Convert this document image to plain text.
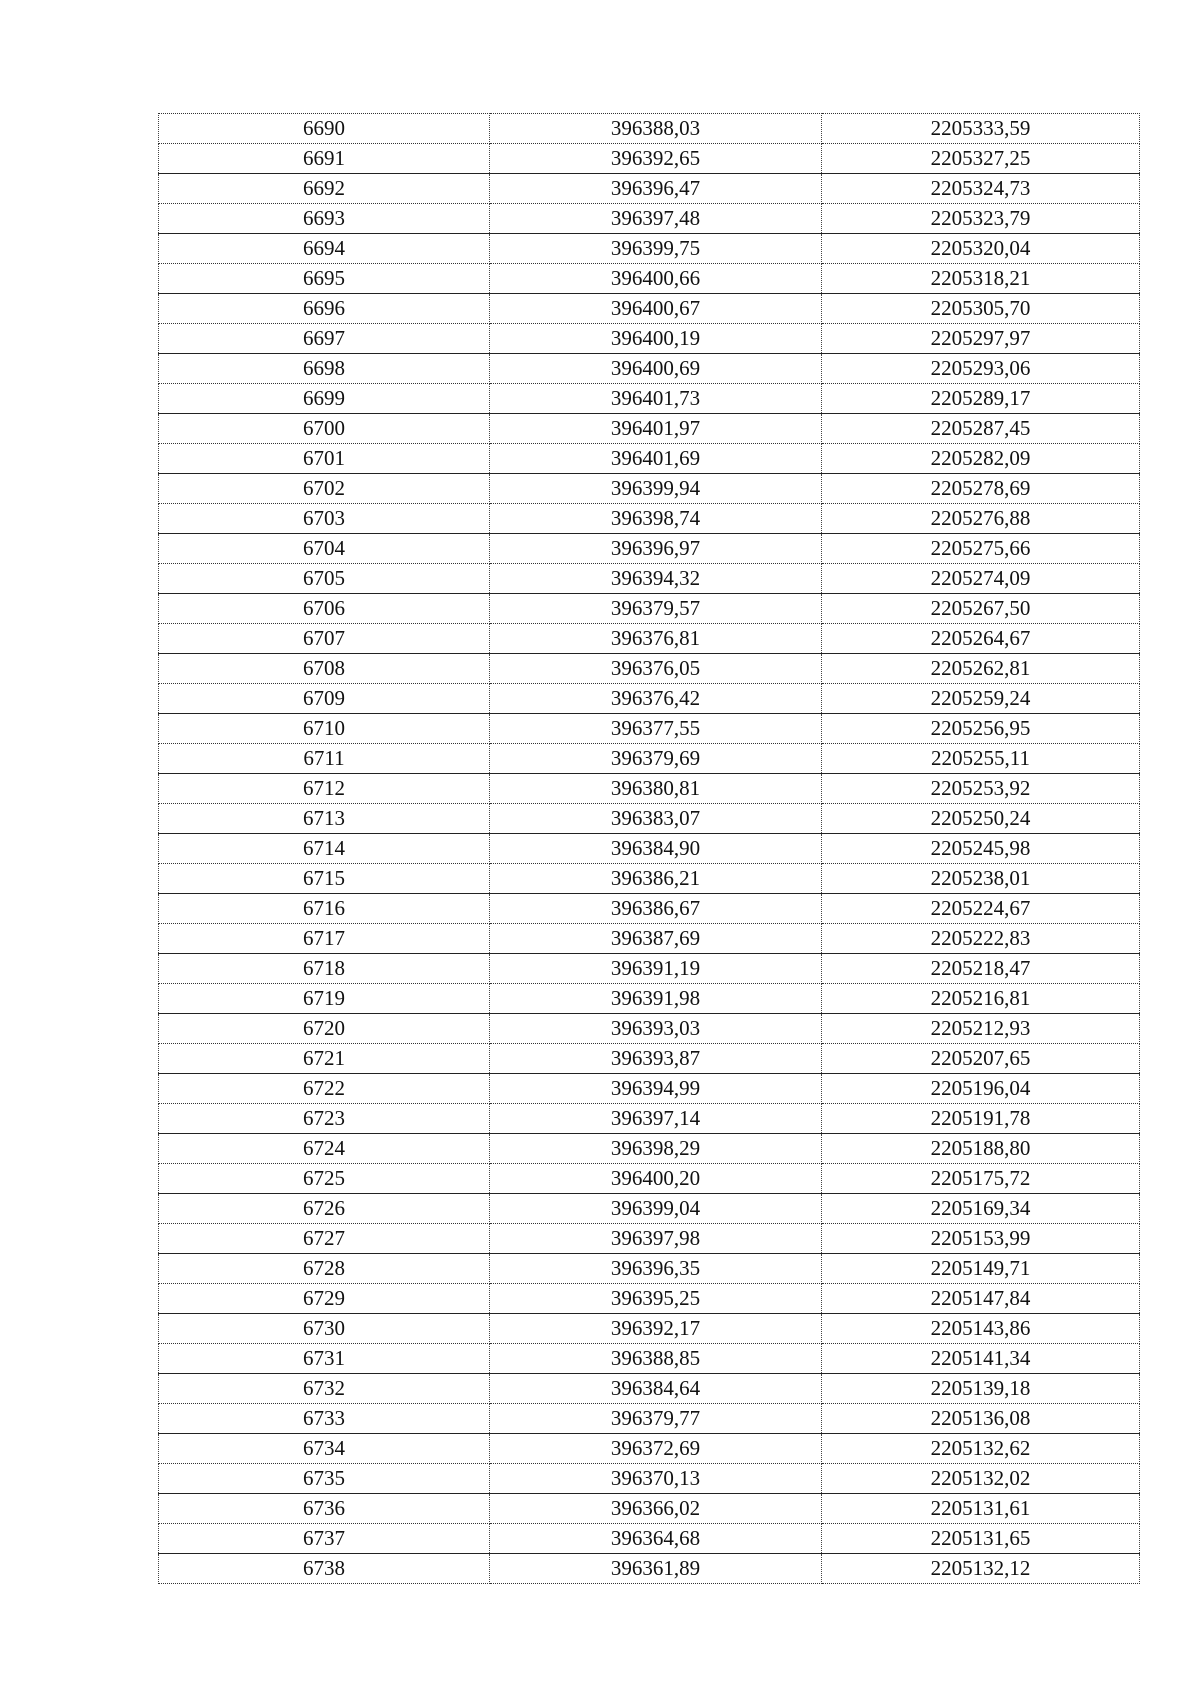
6690	396388,03	2205333,59
6691	396392,65	2205327,25
6692	396396,47	2205324,73
6693	396397,48	2205323,79
6694	396399,75	2205320,04
6695	396400,66	2205318,21
6696	396400,67	2205305,70
6697	396400,19	2205297,97
6698	396400,69	2205293,06
6699	396401,73	2205289,17
6700	396401,97	2205287,45
6701	396401,69	2205282,09
6702	396399,94	2205278,69
6703	396398,74	2205276,88
6704	396396,97	2205275,66
6705	396394,32	2205274,09
6706	396379,57	2205267,50
6707	396376,81	2205264,67
6708	396376,05	2205262,81
6709	396376,42	2205259,24
6710	396377,55	2205256,95
6711	396379,69	2205255,11
6712	396380,81	2205253,92
6713	396383,07	2205250,24
6714	396384,90	2205245,98
6715	396386,21	2205238,01
6716	396386,67	2205224,67
6717	396387,69	2205222,83
6718	396391,19	2205218,47
6719	396391,98	2205216,81
6720	396393,03	2205212,93
6721	396393,87	2205207,65
6722	396394,99	2205196,04
6723	396397,14	2205191,78
6724	396398,29	2205188,80
6725	396400,20	2205175,72
6726	396399,04	2205169,34
6727	396397,98	2205153,99
6728	396396,35	2205149,71
6729	396395,25	2205147,84
6730	396392,17	2205143,86
6731	396388,85	2205141,34
6732	396384,64	2205139,18
6733	396379,77	2205136,08
6734	396372,69	2205132,62
6735	396370,13	2205132,02
6736	396366,02	2205131,61
6737	396364,68	2205131,65
6738	396361,89	2205132,12
